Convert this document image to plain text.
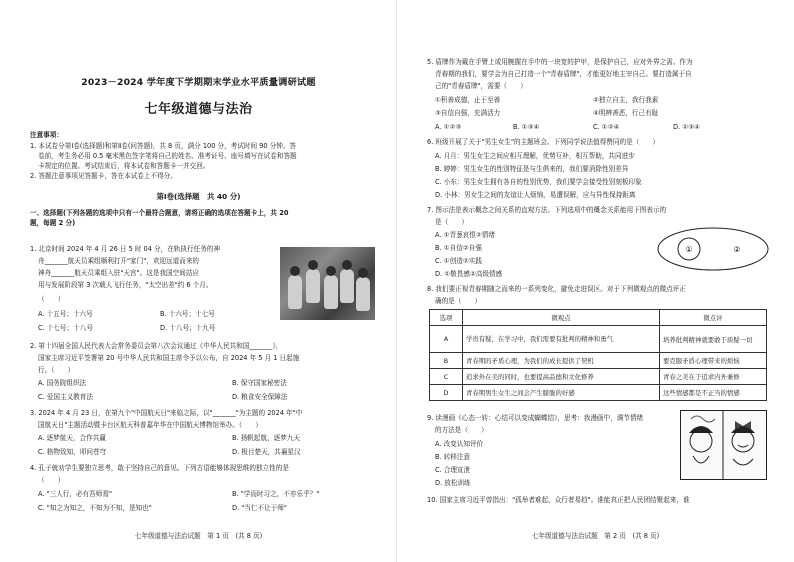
2023－2024 学年度下学期期末学业水平质量调研试题
七年级道德与法治
注意事项：
1. 本试卷分第Ⅰ卷(选择题)和第Ⅱ卷(问答题)，共 8 页，满分 100 分，考试时间 90 分钟。答
卷前，考生务必用 0.5 毫米黑色签字笔将自己的姓名、准考证号、座号填写在试卷和答题
卡规定的位置。考试结束后，将本试卷和答题卡一并交回。
2. 答题注意事项见答题卡，答在本试卷上不得分。
第Ⅰ卷(选择题　共 40 分)
一、选择题(下列各题的选项中只有一个最符合题意，请将正确的选项在答题卡上，共 20
题，每题 2 分)
1. 北京时间 2024 年 4 月 26 日 5 时 04 分，在轨执行任务的神
舟_______航天员乘组顺利打开"家门"，欢迎远道而来的
神舟_______航天员乘组入驻"天宫"。这是我国空间站应
用与发展阶段第 3 次载人飞行任务，"太空出差"约 6 个月。
（　　）
A. 十五号；十六号	B. 十六号；十七号
C. 十七号；十八号	D. 十八号；十九号
2. 第十四届全国人民代表大会常务委员会第八次会议通过《中华人民共和国_______》，
国家主席习近平签署第 20 号中华人民共和国主席令予以公布，自 2024 年 5 月 1 日起施
行。（　　）
A. 国务院组织法	B. 保守国家秘密法
C. 爱国主义教育法	D. 粮食安全保障法
3. 2024 年 4 月 23 日，在第九个"中国航天日"来临之际，以"_______"为主题的 2024 年"中
国航天日"主题活动暨卡台区航天科普嘉年华在中国航天博物馆举办。（　　）
A. 逐梦航天，合作共赢	B. 扬帆起航，逐梦九天
C. 格物致知，叩问苍穹	D. 极目楚天，共襄星汉
4. 孔子就劝学生要独立思考，敢于坚持自己的意见。下列古语能够体现思维的独立性的是
（　　）
A. "三人行，必有吾师焉"	B. "学而时习之，不亦乐乎？"
C. "知之为知之，不知为不知，是知也"	D. "当仁不让于师"
七年级道德与法治试题　第 1 页　(共 8 页)
5. 盾牌作为戴在手臂上或用腕握在手中的一块宽的护甲，是保护自己，应对外界之需。作为
青春期的我们，要学会为自己打造一个"青春盾牌"，才能更好地主宰自己。要打造属于自
己的"青春盾牌"，需要（　　）
①积善成德，止于至善	②独立自主，我行我素
③自信自强，充满活力	④明辨善恶，行己有耻
A. ①②③	B. ①③④	C. ①②④	D. ②③④
6. 班级开展了关于"男生女生"的主题班会。下列同学说法值得赞同的是（　　）
A. 月月：男生女生之间应相互理解，优势互补，相互帮助，共同进步
B. 婷婷：男生女生的性别特征是与生俱来的，我们要消除性别差异
C. 小东：男生女生拥有各自的性别优势，我们要学会接受性别刻板印象
D. 小林：男女生之间的友谊让人烦恼，易遭误解，应与异性保持距离
7. 图示法是表示概念之间关系的直观方法。下列选项中的概念关系能用下图表示的
是（　　）
A. ①青葱哀恨②情绪
B. ①自信②自强
C. ①创造②实践
D. ①敬畏感②高级情感
①	②
8. 我们要正视青春期随之而来的一系列变化，避免走进误区。对于下列微观点的微点评正
确的是（　　）
选项	微观点	微点评
A	学贵有疑，在学习中，我们需要有批判的精神和勇气	培养批判精神就要敢于质疑一切
B	青春期的矛盾心理，为我们的成长提供了契机	要克服矛盾心理带来的烦恼
C	追求外在美的同时，也要提高品德和文化修养	青春之美在于追求内外兼修
D	青春期男生女生之间会产生朦胧的好感	这些情感都是不正当的情感
9. 读漫画《心态一转：心结可以变成蝴蝶结》，思考：我漫画中，调节情绪
的方法是（　　）
A. 改变认知评价
B. 转移注意
C. 合理宣泄
D. 放松训练
10. 国家主席习近平曾指出："孤举者难起，众行者易趋"。谁能真正把人民团结聚起来，谁
七年级道德与法治试题　第 2 页　(共 8 页)
